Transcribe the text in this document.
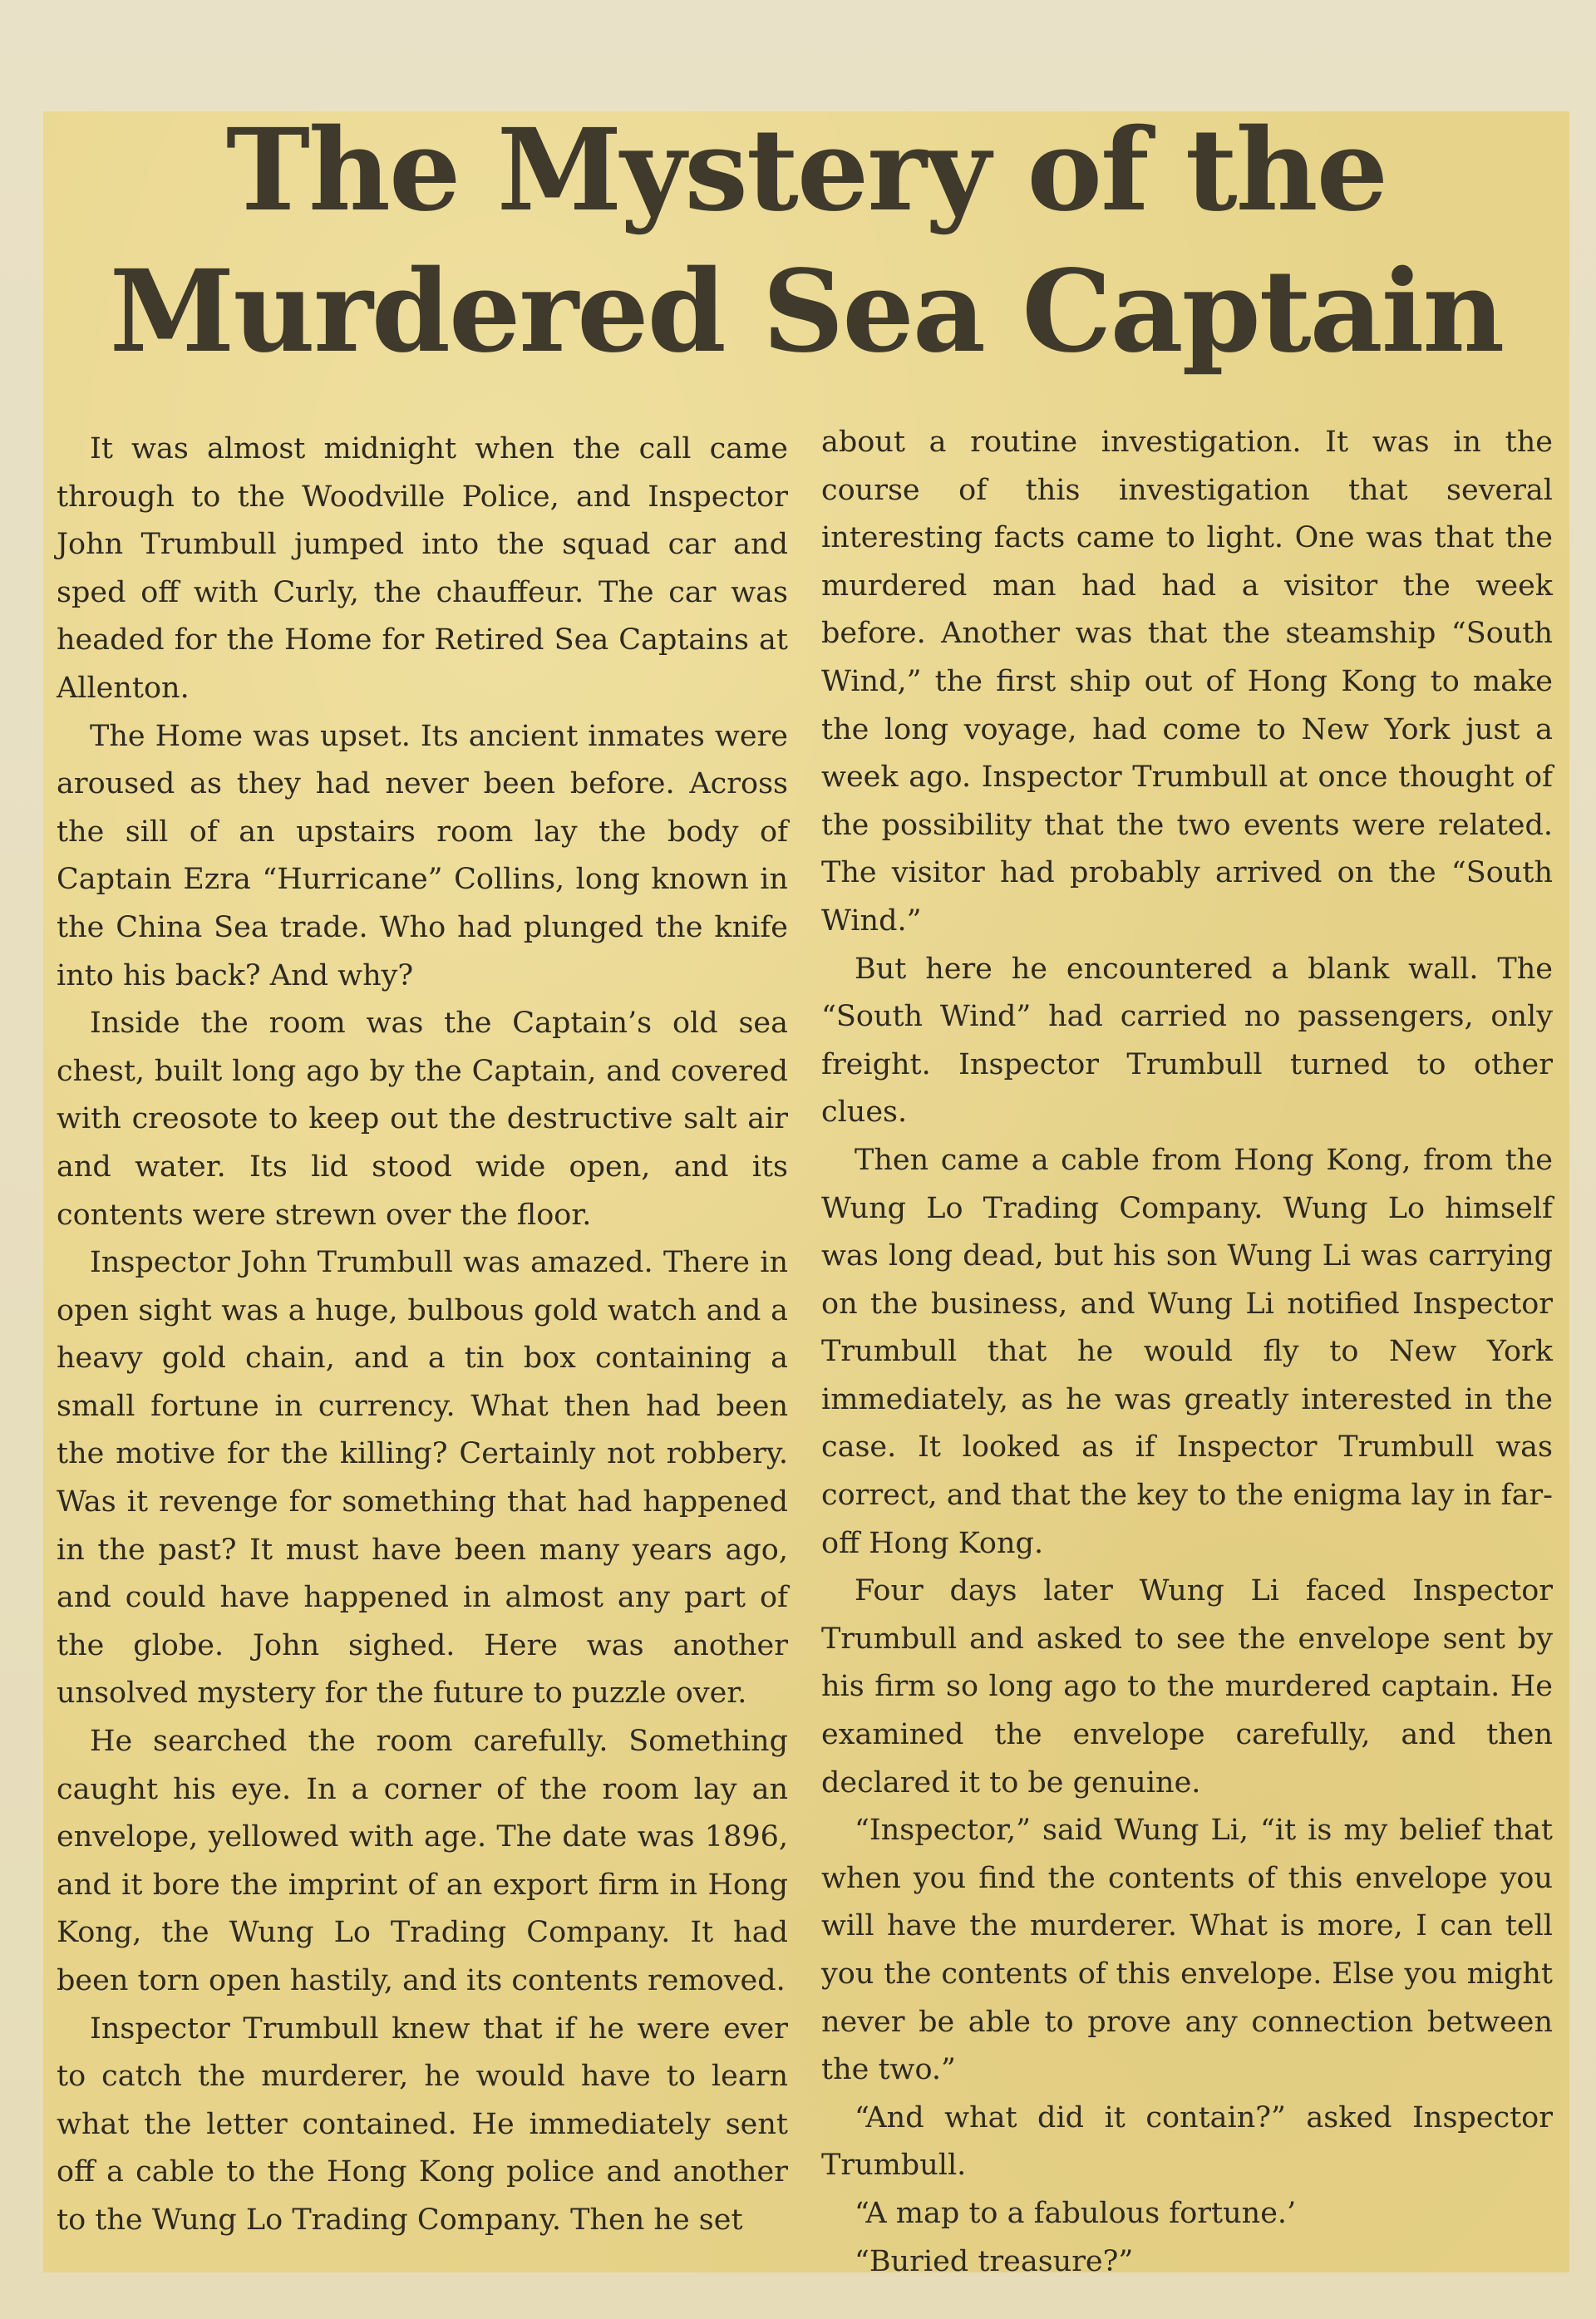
The Mystery of the
Murdered Sea Captain

It was almost midnight when the call came through to the Woodville Police, and Inspector John Trumbull jumped into the squad car and sped off with Curly, the chauffeur. The car was headed for the Home for Retired Sea Captains at Allenton.

The Home was upset. Its ancient inmates were aroused as they had never been before. Across the sill of an upstairs room lay the body of Captain Ezra “Hurricane” Collins, long known in the China Sea trade. Who had plunged the knife into his back? And why?

Inside the room was the Captain’s old sea chest, built long ago by the Captain, and covered with creosote to keep out the destructive salt air and water. Its lid stood wide open, and its contents were strewn over the floor.

Inspector John Trumbull was amazed. There in open sight was a huge, bulbous gold watch and a heavy gold chain, and a tin box containing a small fortune in currency. What then had been the motive for the killing? Certainly not robbery. Was it revenge for something that had happened in the past? It must have been many years ago, and could have happened in almost any part of the globe. John sighed. Here was another unsolved mystery for the future to puzzle over.

He searched the room carefully. Something caught his eye. In a corner of the room lay an envelope, yellowed with age. The date was 1896, and it bore the imprint of an export firm in Hong Kong, the Wung Lo Trading Company. It had been torn open hastily, and its contents removed.

Inspector Trumbull knew that if he were ever to catch the murderer, he would have to learn what the letter contained. He immediately sent off a cable to the Hong Kong police and another to the Wung Lo Trading Company. Then he set

about a routine investigation. It was in the course of this investigation that several interesting facts came to light. One was that the murdered man had had a visitor the week before. Another was that the steamship “South Wind,” the first ship out of Hong Kong to make the long voyage, had come to New York just a week ago. Inspector Trumbull at once thought of the possibility that the two events were related. The visitor had probably arrived on the “South Wind.”

But here he encountered a blank wall. The “South Wind” had carried no passengers, only freight. Inspector Trumbull turned to other clues.

Then came a cable from Hong Kong, from the Wung Lo Trading Company. Wung Lo himself was long dead, but his son Wung Li was carrying on the business, and Wung Li notified Inspector Trumbull that he would fly to New York immediately, as he was greatly interested in the case. It looked as if Inspector Trumbull was correct, and that the key to the enigma lay in far-off Hong Kong.

Four days later Wung Li faced Inspector Trumbull and asked to see the envelope sent by his firm so long ago to the murdered captain. He examined the envelope carefully, and then declared it to be genuine.

“Inspector,” said Wung Li, “it is my belief that when you find the contents of this envelope you will have the murderer. What is more, I can tell you the contents of this envelope. Else you might never be able to prove any connection between the two.”

“And what did it contain?” asked Inspector Trumbull.

“A map to a fabulous fortune.’

“Buried treasure?”
